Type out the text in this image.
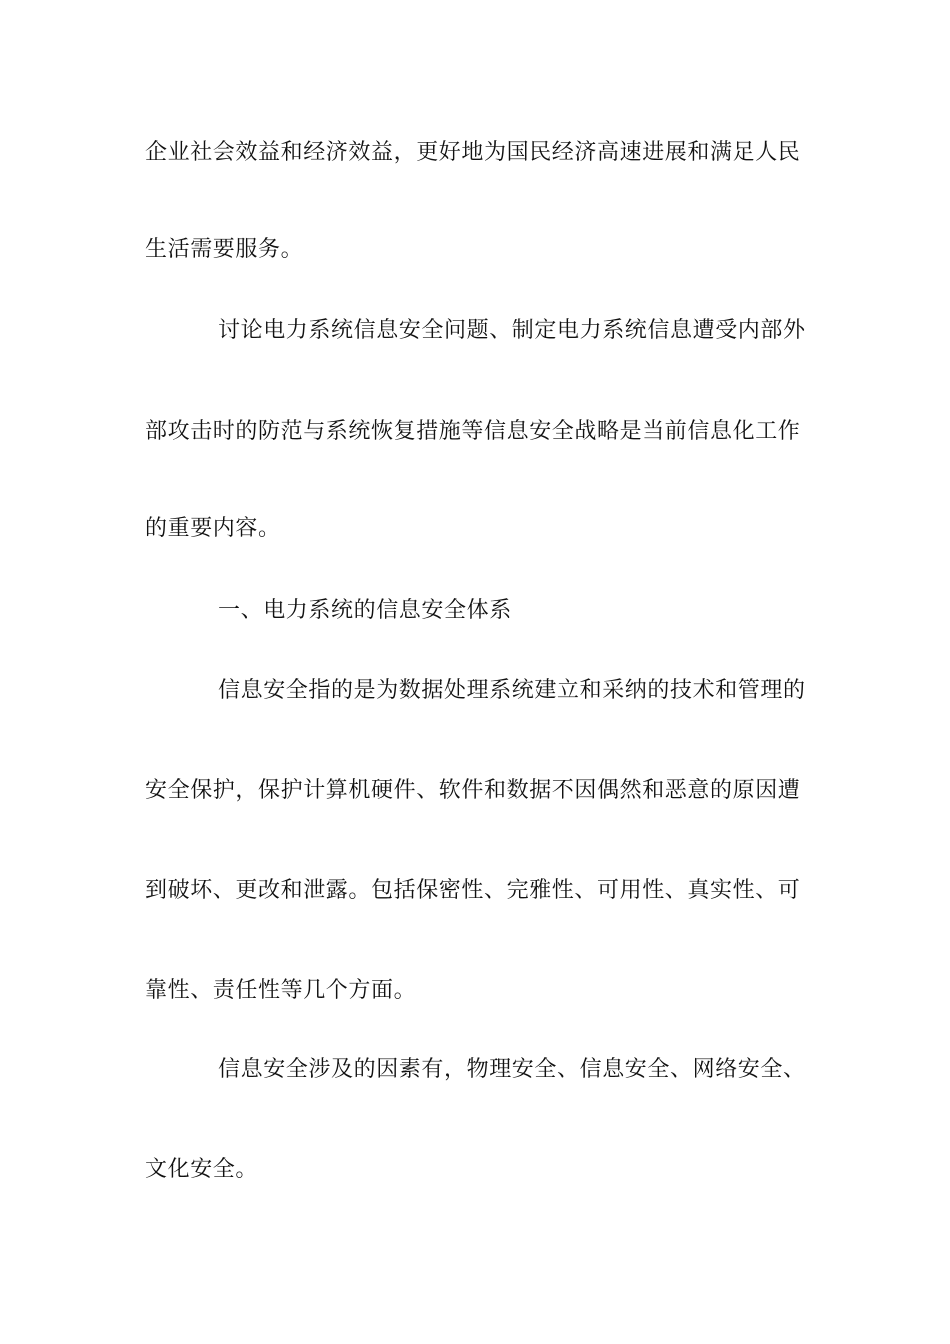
企业社会效益和经济效益，更好地为国民经济高速进展和满足人民
生活需要服务。
讨论电力系统信息安全问题、制定电力系统信息遭受内部外
部攻击时的防范与系统恢复措施等信息安全战略是当前信息化工作
的重要内容。
一、电力系统的信息安全体系
信息安全指的是为数据处理系统建立和采纳的技术和管理的
安全保护，保护计算机硬件、软件和数据不因偶然和恶意的原因遭
到破坏、更改和泄露。包括保密性、完雅性、可用性、真实性、可
靠性、责任性等几个方面。
信息安全涉及的因素有，物理安全、信息安全、网络安全、
文化安全。
